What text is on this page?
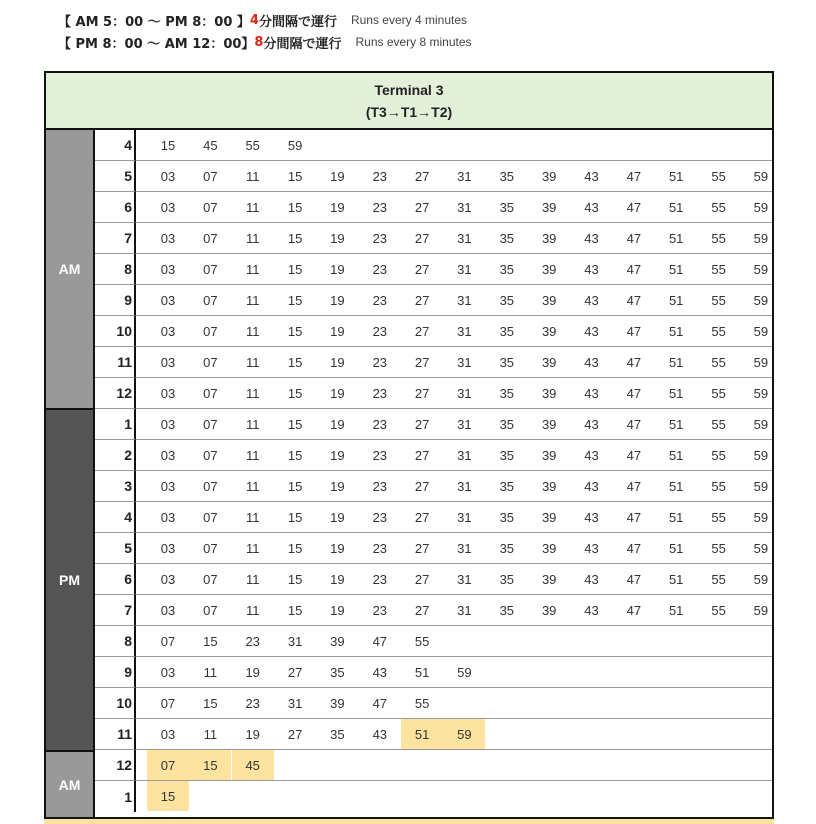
【 AM 5：00 〜 PM 8：00 】 4 分間隔で運行 Runs every 4 minutes
【 PM 8：00 〜 AM 12：00】 8 分間隔で運行 Runs every 8 minutes
Terminal 3
(T3→T1→T2)
AM
PM
AM
4	15	45	55	59
5	03	07	11	15	19	23	27	31	35	39	43	47	51	55	59
6	03	07	11	15	19	23	27	31	35	39	43	47	51	55	59
7	03	07	11	15	19	23	27	31	35	39	43	47	51	55	59
8	03	07	11	15	19	23	27	31	35	39	43	47	51	55	59
9	03	07	11	15	19	23	27	31	35	39	43	47	51	55	59
10	03	07	11	15	19	23	27	31	35	39	43	47	51	55	59
11	03	07	11	15	19	23	27	31	35	39	43	47	51	55	59
12	03	07	11	15	19	23	27	31	35	39	43	47	51	55	59
1	03	07	11	15	19	23	27	31	35	39	43	47	51	55	59
2	03	07	11	15	19	23	27	31	35	39	43	47	51	55	59
3	03	07	11	15	19	23	27	31	35	39	43	47	51	55	59
4	03	07	11	15	19	23	27	31	35	39	43	47	51	55	59
5	03	07	11	15	19	23	27	31	35	39	43	47	51	55	59
6	03	07	11	15	19	23	27	31	35	39	43	47	51	55	59
7	03	07	11	15	19	23	27	31	35	39	43	47	51	55	59
8	07	15	23	31	39	47	55
9	03	11	19	27	35	43	51	59
10	07	15	23	31	39	47	55
11	03	11	19	27	35	43	51	59
12	07	15	45
1	15
